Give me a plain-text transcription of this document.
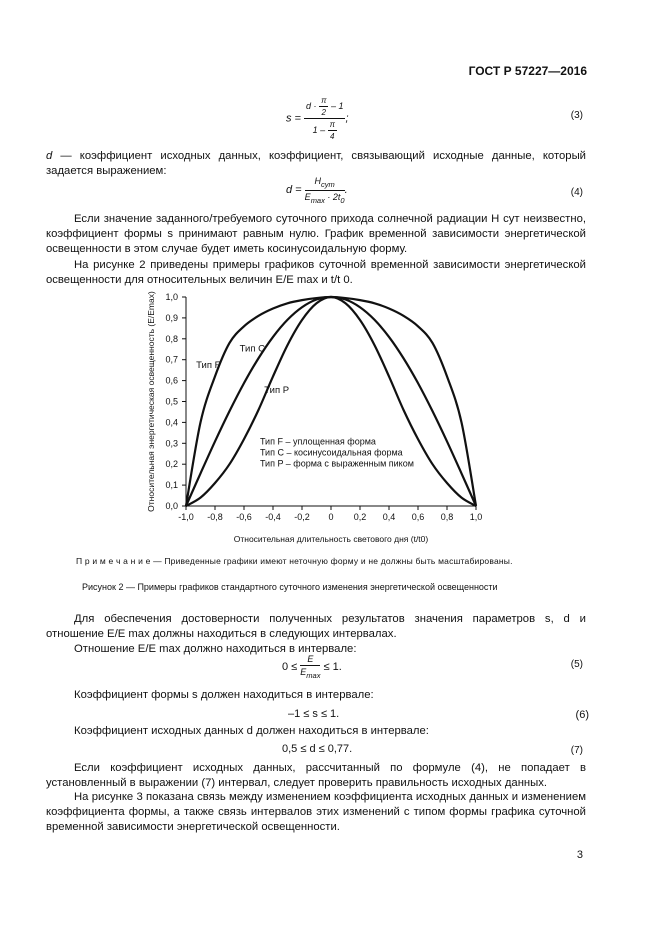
ГОСТ Р 57227—2016
$s = \frac{d \cdot \frac{\pi}{2} - 1}{1 - \frac{\pi}{4}}$ ;	(3)
d — коэффициент исходных данных, коэффициент, связывающий исходные данные, который задается выражением:
$d = \frac{H_{сут}}{E_{max} \cdot 2t_0}$ .	(4)
Если значение заданного/требуемого суточного прихода солнечной радиации H сут неизвестно, коэффициент формы s принимают равным нулю. График временной зависимости энергетической освещенности в этом случае будет иметь косинусоидальную форму.
На рисунке 2 приведены примеры графиков суточной временной зависимости энергетической освещенности для относительных величин E/E max и t/t 0.
-1,0 -0,8 -0,6 -0,4 -0,2 0 0,2 0,4 0,6 0,8 1,0
0,0
0,1
0,2
0,3
0,4
0,5
0,6
0,7
0,8
0,9
1,0
Тип F
Тип С
Тип P
Тип F – уплощенная форма
Тип С – косинусоидальная форма
Тип P – форма с выраженным пиком
Относительная длительность светового дня (t/t0)
Относительная энергетическая освещенность (E/Emax)
П р и м е ч а н и е — Приведенные графики имеют неточную форму и не должны быть масштабированы.
Рисунок 2 — Примеры графиков стандартного суточного изменения энергетической освещенности
Для обеспечения достоверности полученных результатов значения параметров s, d и отношение E/E max должны находиться в следующих интервалах.
Отношение E/E max должно находиться в интервале:
$0 \le \frac{E}{E_{max}} \le 1$.	(5)
Коэффициент формы s должен находиться в интервале:
–1 ≤ s ≤ 1.	(6)
Коэффициент исходных данных d должен находиться в интервале:
0,5 ≤ d ≤ 0,77.	(7)
Если коэффициент исходных данных, рассчитанный по формуле (4), не попадает в установленный в выражении (7) интервал, следует проверить правильность исходных данных.
На рисунке 3 показана связь между изменением коэффициента исходных данных и изменением коэффициента формы, а также связь интервалов этих изменений с типом формы графика суточной временной зависимости энергетической освещенности.
3
